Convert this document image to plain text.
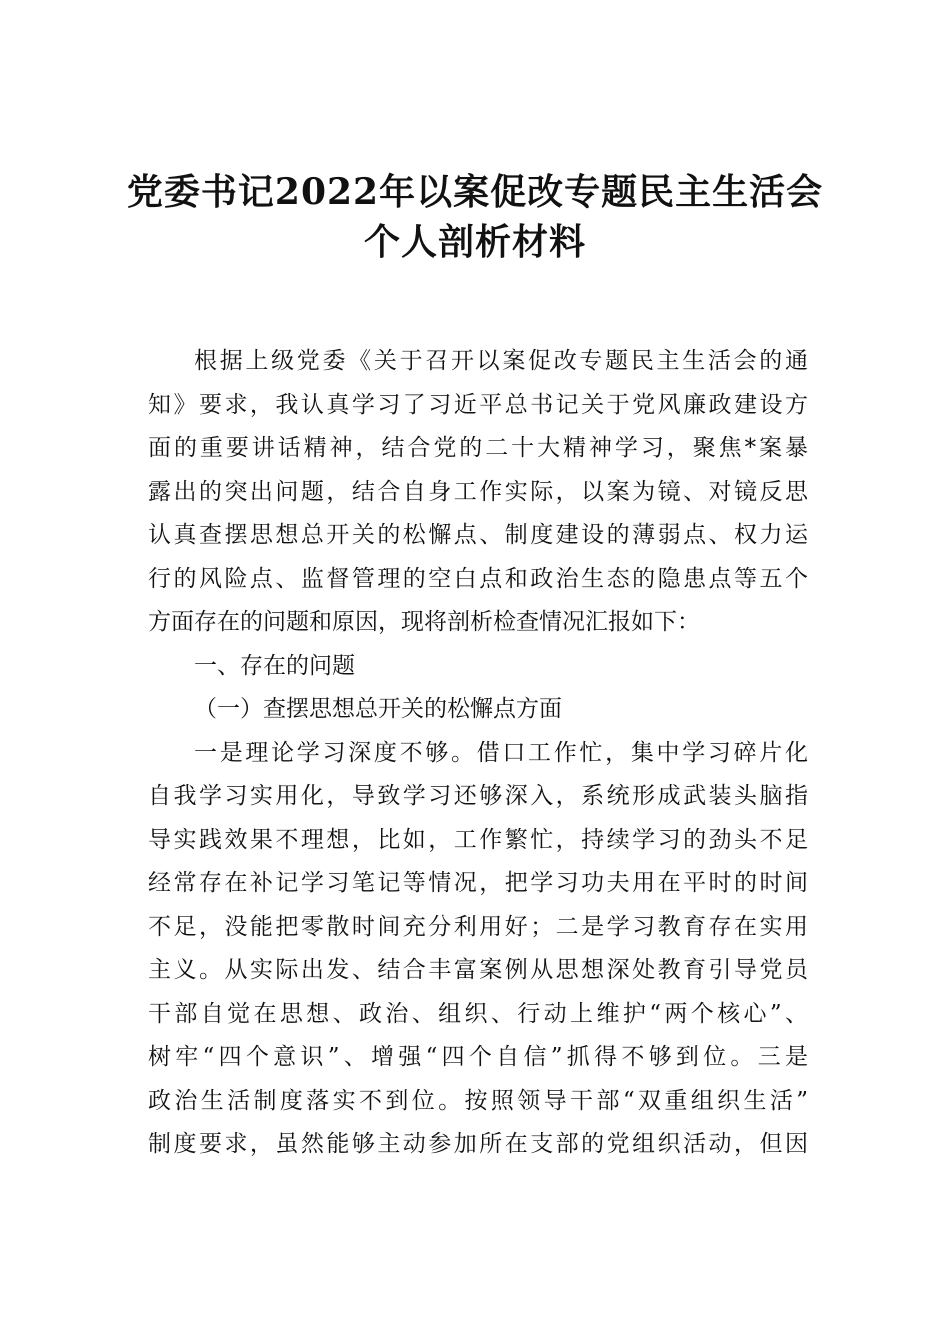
党委书记2022年以案促改专题民主生活会
个人剖析材料
根据上级党委《关于召开以案促改专题民主生活会的通
知》要求，我认真学习了习近平总书记关于党风廉政建设方
面的重要讲话精神，结合党的二十大精神学习，聚焦*案暴
露出的突出问题，结合自身工作实际，以案为镜、对镜反思
认真查摆思想总开关的松懈点、制度建设的薄弱点、权力运
行的风险点、监督管理的空白点和政治生态的隐患点等五个
方面存在的问题和原因，现将剖析检查情况汇报如下：
一、存在的问题
（一）查摆思想总开关的松懈点方面
一是理论学习深度不够。借口工作忙，集中学习碎片化
自我学习实用化，导致学习还够深入，系统形成武装头脑指
导实践效果不理想，比如，工作繁忙，持续学习的劲头不足
经常存在补记学习笔记等情况，把学习功夫用在平时的时间
不足，没能把零散时间充分利用好；二是学习教育存在实用
主义。从实际出发、结合丰富案例从思想深处教育引导党员
干部自觉在思想、政治、组织、行动上维护“两个核心”、
树牢“四个意识”、增强“四个自信”抓得不够到位。三是
政治生活制度落实不到位。按照领导干部“双重组织生活”
制度要求，虽然能够主动参加所在支部的党组织活动，但因
